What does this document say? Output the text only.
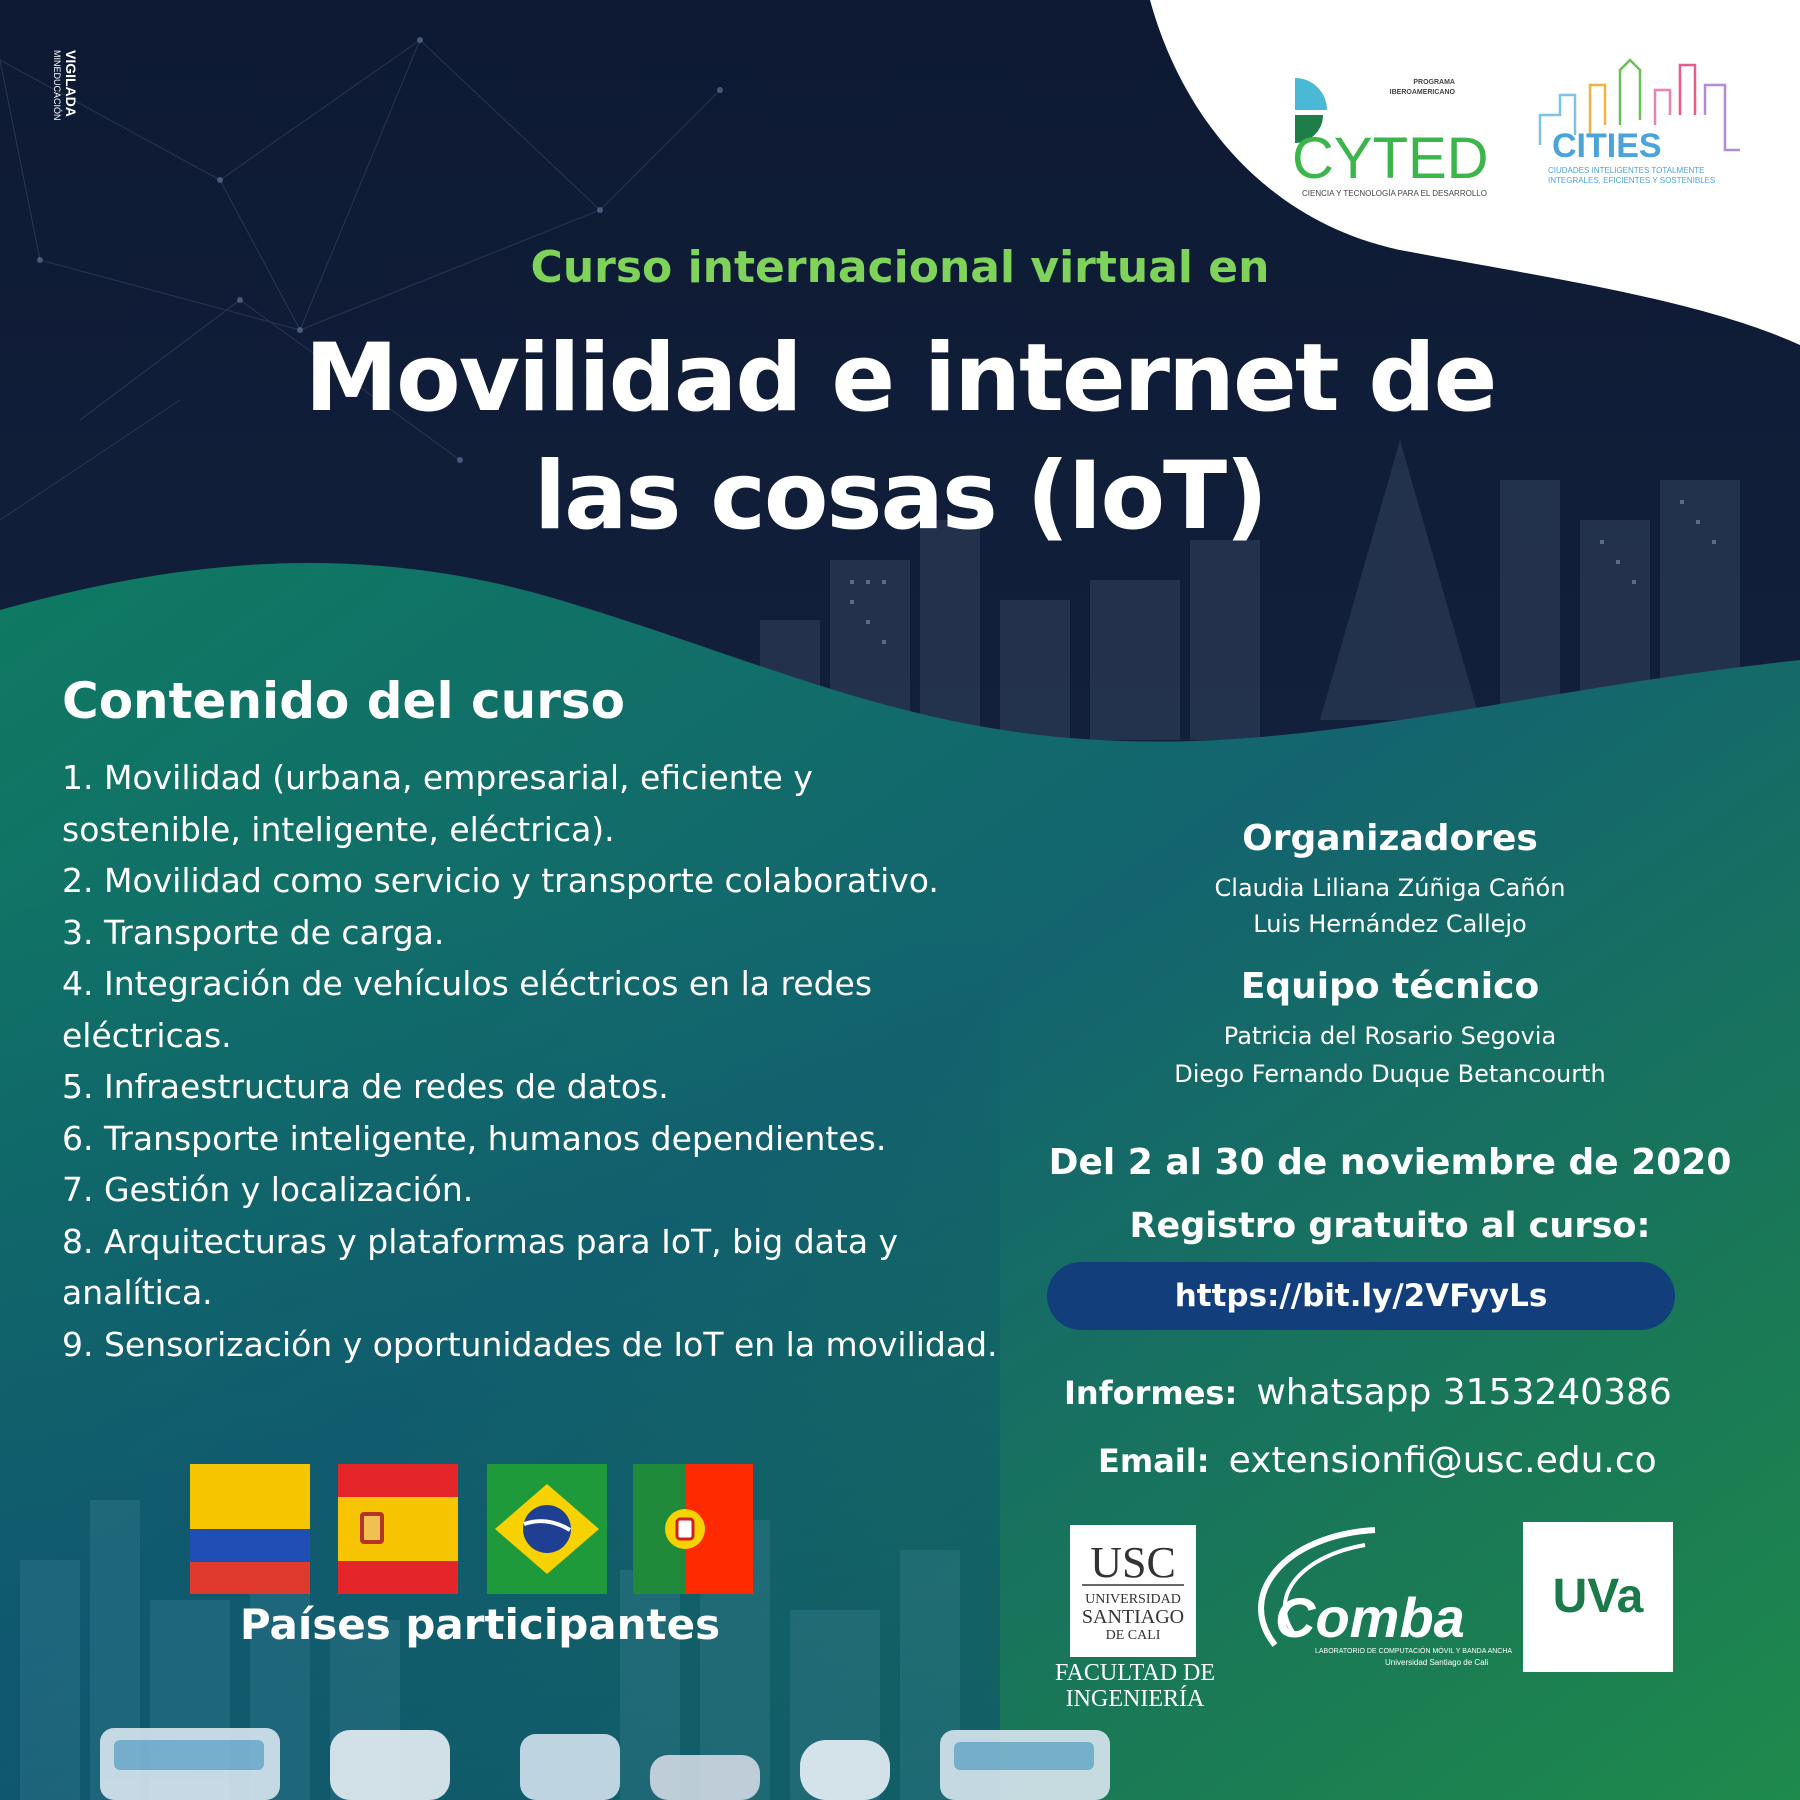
VIGILADA
MINEDUCACIÓN	PROGRAMA
IBEROAMERICANO
CYTED
CIENCIA Y TECNOLOGÍA PARA EL DESARROLLO
CITIES
CIUDADES INTELIGENTES TOTALMENTE
INTEGRALES, EFICIENTES Y SOSTENIBLES
Curso internacional virtual en
Movilidad e internet de
las cosas (IoT)
Contenido del curso
1. Movilidad (urbana, empresarial, eficiente y sostenible, inteligente, eléctrica).
2. Movilidad como servicio y transporte colaborativo.
3. Transporte de carga.
4. Integración de vehículos eléctricos en la redes eléctricas.
5. Infraestructura de redes de datos.
6. Transporte inteligente, humanos dependientes.
7. Gestión y localización.
8. Arquitecturas y plataformas para IoT, big data y analítica.
9. Sensorización y oportunidades de IoT en la movilidad.
Organizadores
Claudia Liliana Zúñiga Cañón
Luis Hernández Callejo
Equipo técnico
Patricia del Rosario Segovia
Diego Fernando Duque Betancourth
Del 2 al 30 de noviembre de 2020
Registro gratuito al curso:
https://bit.ly/2VFyyLs
Informes: whatsapp 3153240386
Email: extensionfi@usc.edu.co
Países participantes
USC
UNIVERSIDAD
SANTIAGO
DE CALI
FACULTAD DE
INGENIERÍA
Comba
LABORATORIO DE COMPUTACIÓN MÓVIL Y BANDA ANCHA
Universidad Santiago de Cali
UVa
